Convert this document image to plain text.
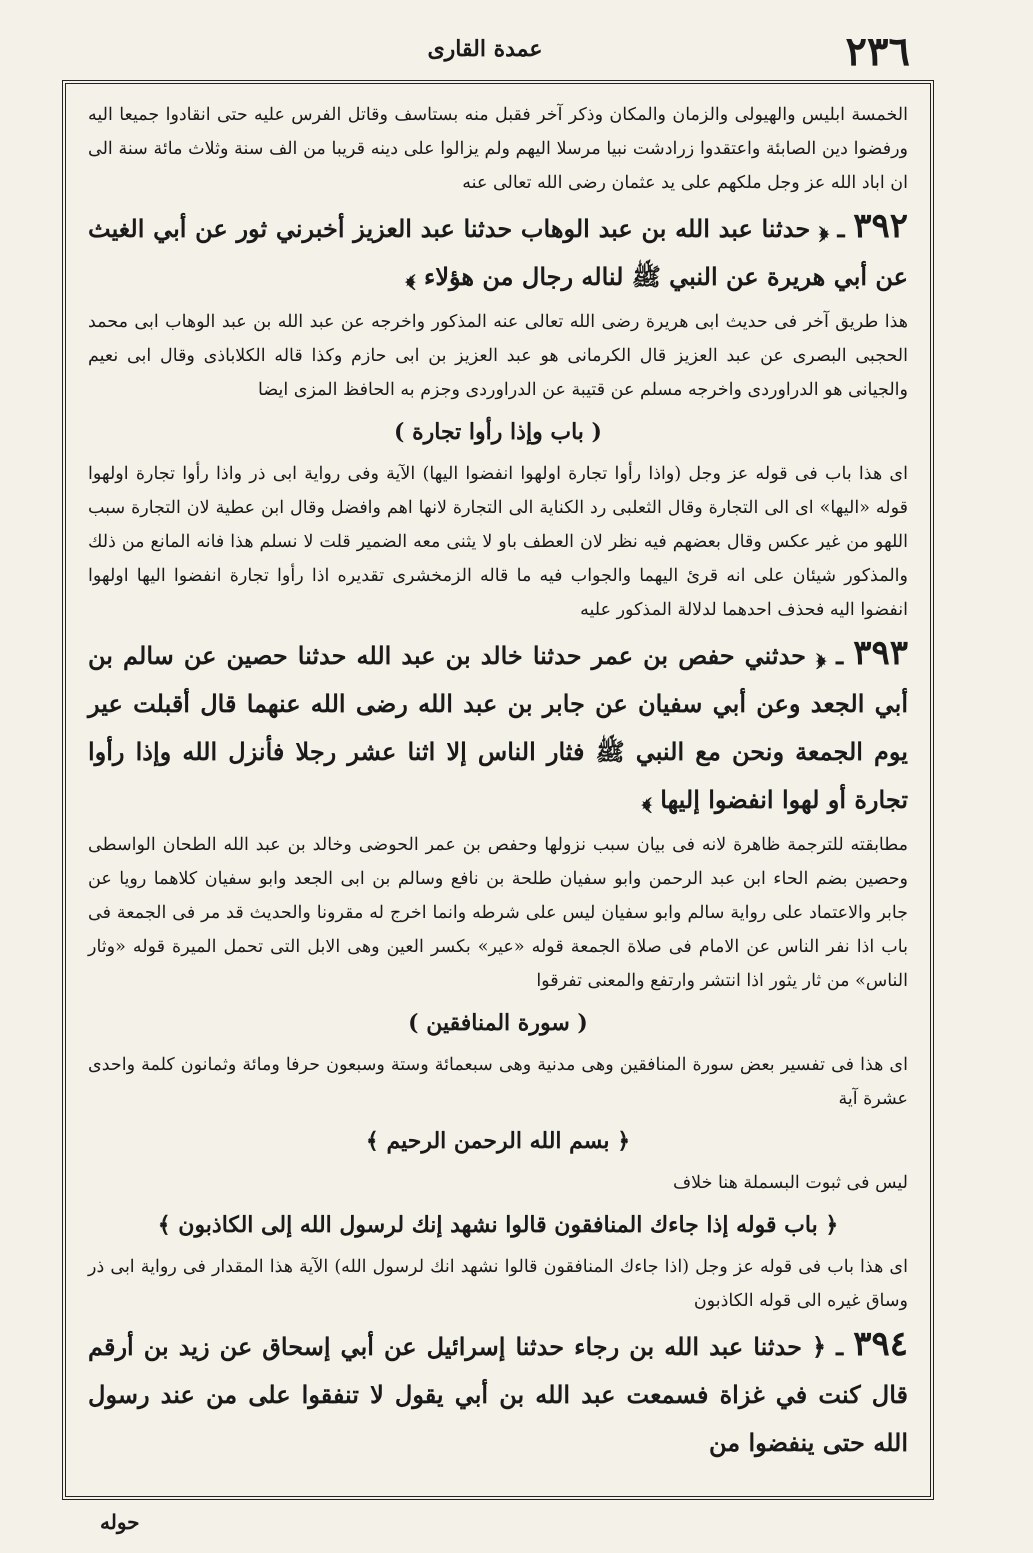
عمدة القارى	٢٣٦

الخمسة ابليس والهيولى والزمان والمكان وذكر آخر فقبل منه بستاسف وقاتل الفرس عليه حتى انقادوا جميعا اليه ورفضوا دين الصابئة واعتقدوا زرادشت نبيا مرسلا اليهم ولم يزالوا على دينه قريبا من الف سنة وثلاث مائة سنة الى ان اباد الله عز وجل ملكهم على يد عثمان رضى الله تعالى عنه

٣٩٢ ـ ﴿ حدثنا عبد الله بن عبد الوهاب حدثنا عبد العزيز أخبرني ثور عن أبي الغيث عن أبي هريرة عن النبي ﷺ لناله رجال من هؤلاء ﴾

هذا طريق آخر فى حديث ابى هريرة رضى الله تعالى عنه المذكور واخرجه عن عبد الله بن عبد الوهاب ابى محمد الحجبى البصرى عن عبد العزيز قال الكرمانى هو عبد العزيز بن ابى حازم وكذا قاله الكلاباذى وقال ابى نعيم والجيانى هو الدراوردى واخرجه مسلم عن قتيبة عن الدراوردى وجزم به الحافظ المزى ايضا

( باب وإذا رأوا تجارة )

اى هذا باب فى قوله عز وجل (واذا رأوا تجارة اولهوا انفضوا اليها) الآية وفى رواية ابى ذر واذا رأوا تجارة اولهوا قوله «اليها» اى الى التجارة وقال الثعلبى رد الكناية الى التجارة لانها اهم وافضل وقال ابن عطية لان التجارة سبب اللهو من غير عكس وقال بعضهم فيه نظر لان العطف باو لا يثنى معه الضمير قلت لا نسلم هذا فانه المانع من ذلك والمذكور شيئان على انه قرئ اليهما والجواب فيه ما قاله الزمخشرى تقديره اذا رأوا تجارة انفضوا اليها اولهوا انفضوا اليه فحذف احدهما لدلالة المذكور عليه

٣٩٣ ـ ﴿ حدثني حفص بن عمر حدثنا خالد بن عبد الله حدثنا حصين عن سالم بن أبي الجعد وعن أبي سفيان عن جابر بن عبد الله رضى الله عنهما قال أقبلت عير يوم الجمعة ونحن مع النبي ﷺ فثار الناس إلا اثنا عشر رجلا فأنزل الله وإذا رأوا تجارة أو لهوا انفضوا إليها ﴾

مطابقته للترجمة ظاهرة لانه فى بيان سبب نزولها وحفص بن عمر الحوضى وخالد بن عبد الله الطحان الواسطى وحصين بضم الحاء ابن عبد الرحمن وابو سفيان طلحة بن نافع وسالم بن ابى الجعد وابو سفيان كلاهما رويا عن جابر والاعتماد على رواية سالم وابو سفيان ليس على شرطه وانما اخرج له مقرونا والحديث قد مر فى الجمعة فى باب اذا نفر الناس عن الامام فى صلاة الجمعة قوله «عير» بكسر العين وهى الابل التى تحمل الميرة قوله «وثار الناس» من ثار يثور اذا انتشر وارتفع والمعنى تفرقوا

( سورة المنافقين )

اى هذا فى تفسير بعض سورة المنافقين وهى مدنية وهى سبعمائة وستة وسبعون حرفا ومائة وثمانون كلمة واحدى عشرة آية

﴿ بسم الله الرحمن الرحيم ﴾

ليس فى ثبوت البسملة هنا خلاف

﴿ باب قوله إذا جاءك المنافقون قالوا نشهد إنك لرسول الله إلى الكاذبون ﴾

اى هذا باب فى قوله عز وجل (اذا جاءك المنافقون قالوا نشهد انك لرسول الله) الآية هذا المقدار فى رواية ابى ذر وساق غيره الى قوله الكاذبون

٣٩٤ ـ ﴿ حدثنا عبد الله بن رجاء حدثنا إسرائيل عن أبي إسحاق عن زيد بن أرقم قال كنت في غزاة فسمعت عبد الله بن أبي يقول لا تنفقوا على من عند رسول الله حتى ينفضوا من

حوله
